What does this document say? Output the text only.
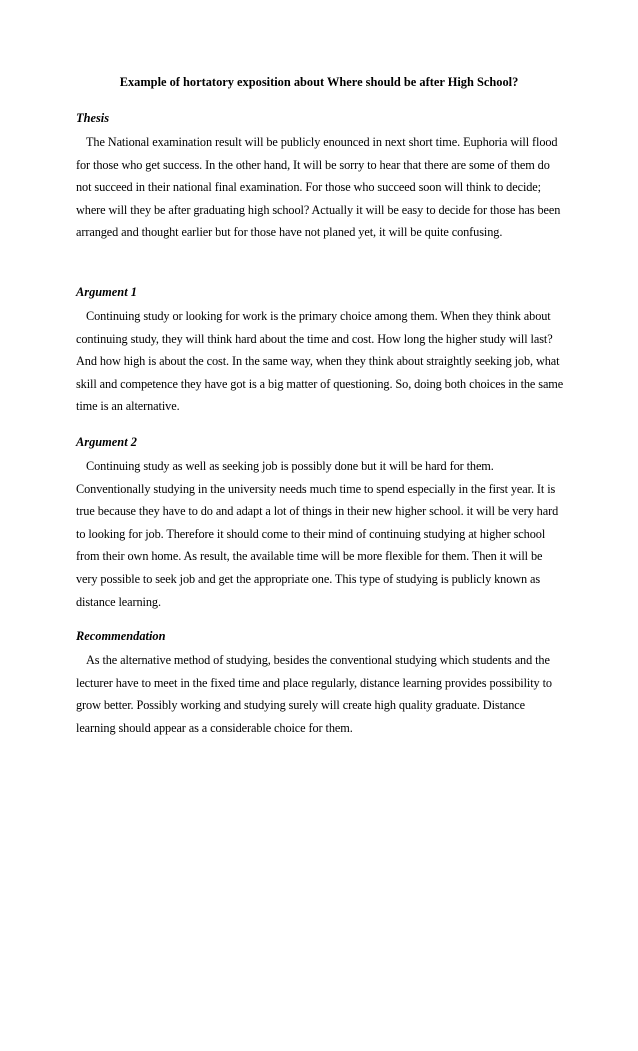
Example of hortatory exposition about Where should be after High School?
Thesis

The National examination result will be publicly enounced in next short time. Euphoria will flood for those who get success. In the other hand, It will be sorry to hear that there are some of them do not succeed in their national final examination. For those who succeed soon will think to decide; where will they be after graduating high school? Actually it will be easy to decide for those has been arranged and thought earlier but for those have not planed yet, it will be quite confusing.

Argument 1

Continuing study or looking for work is the primary choice among them. When they think about continuing study, they will think hard about the time and cost. How long the higher study will last? And how high is about the cost. In the same way, when they think about straightly seeking job, what skill and competence they have got is a big matter of questioning. So, doing both choices in the same time is an alternative.

Argument 2

Continuing study as well as seeking job is possibly done but it will be hard for them. Conventionally studying in the university needs much time to spend especially in the first year. It is true because they have to do and adapt a lot of things in their new higher school. it will be very hard to looking for job. Therefore it should come to their mind of continuing studying at higher school from their own home. As result, the available time will be more flexible for them. Then it will be very possible to seek job and get the appropriate one. This type of studying is publicly known as distance learning.

Recommendation

As the alternative method of studying, besides the conventional studying which students and the lecturer have to meet in the fixed time and place regularly, distance learning provides possibility to grow better. Possibly working and studying surely will create high quality graduate. Distance learning should appear as a considerable choice for them.
